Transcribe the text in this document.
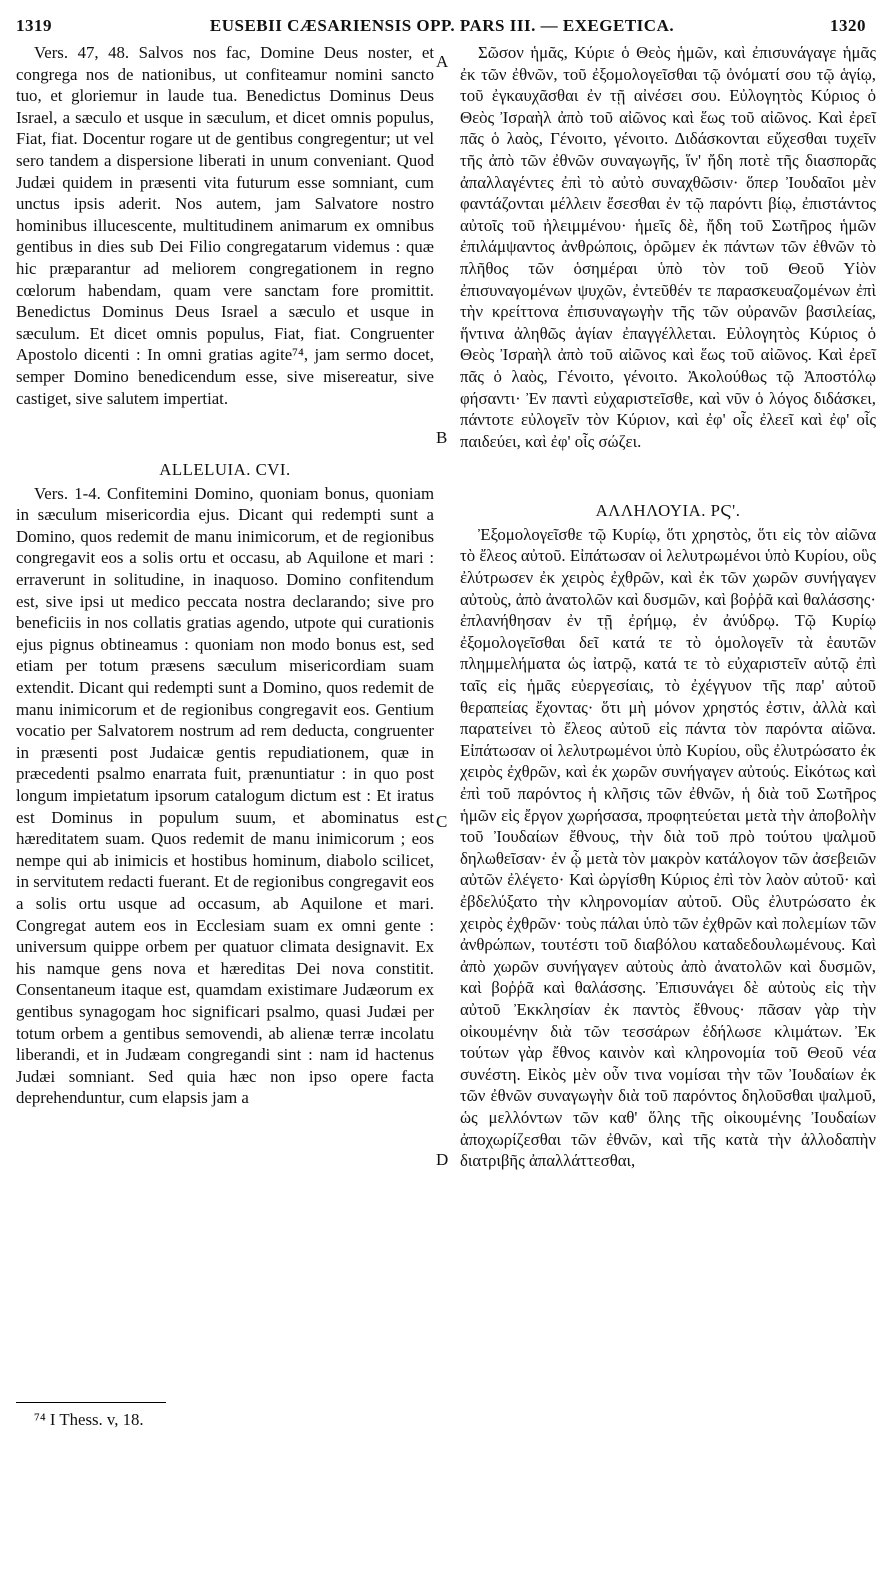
1319	EUSEBII CÆSARIENSIS OPP. PARS III. — EXEGETICA.	1320

Vers. 47, 48. Salvos nos fac, Domine Deus noster, et congrega nos de nationibus, ut confiteamur nomini sancto tuo, et gloriemur in laude tua. Benedictus Dominus Deus Israel, a sæculo et usque in sæculum, et dicet omnis populus, Fiat, fiat. Docentur rogare ut de gentibus congregentur; ut vel sero tandem a dispersione liberati in unum conveniant. Quod Judæi quidem in præsenti vita futurum esse somniant, cum unctus ipsis aderit. Nos autem, jam Salvatore nostro hominibus illucescente, multitudinem animarum ex omnibus gentibus in dies sub Dei Filio congregatarum videmus : quæ hic præparantur ad meliorem congregationem in regno cœlorum habendam, quam vere sanctam fore promittit. Benedictus Dominus Deus Israel a sæculo et usque in sæculum. Et dicet omnis populus, Fiat, fiat. Congruenter Apostolo dicenti : In omni gratias agite⁷⁴, jam sermo docet, semper Domino benedicendum esse, sive misereatur, sive castiget, sive salutem impertiat.

ALLELUIA. CVI.

Vers. 1-4. Confitemini Domino, quoniam bonus, quoniam in sæculum misericordia ejus. Dicant qui redempti sunt a Domino, quos redemit de manu inimicorum, et de regionibus congregavit eos a solis ortu et occasu, ab Aquilone et mari : erraverunt in solitudine, in inaquoso. Domino confitendum est, sive ipsi ut medico peccata nostra declarando; sive pro beneficiis in nos collatis gratias agendo, utpote qui curationis ejus pignus obtineamus : quoniam non modo bonus est, sed etiam per totum præsens sæculum misericordiam suam extendit. Dicant qui redempti sunt a Domino, quos redemit de manu inimicorum et de regionibus congregavit eos. Gentium vocatio per Salvatorem nostrum ad rem deducta, congruenter in præsenti post Judaicæ gentis repudiationem, quæ in præcedenti psalmo enarrata fuit, prænuntiatur : in quo post longum impietatum ipsorum catalogum dictum est : Et iratus est Dominus in populum suum, et abominatus est hæreditatem suam. Quos redemit de manu inimicorum ; eos nempe qui ab inimicis et hostibus hominum, diabolo scilicet, in servitutem redacti fuerant. Et de regionibus congregavit eos a solis ortu usque ad occasum, ab Aquilone et mari. Congregat autem eos in Ecclesiam suam ex omni gente : universum quippe orbem per quatuor climata designavit. Ex his namque gens nova et hæreditas Dei nova constitit. Consentaneum itaque est, quamdam existimare Judæorum ex gentibus synagogam hoc significari psalmo, quasi Judæi per totum orbem a gentibus semovendi, ab alienæ terræ incolatu liberandi, et in Judæam congregandi sint : nam id hactenus Judæi somniant. Sed quia hæc non ipso opere facta deprehenduntur, cum elapsis jam a

Σῶσον ἡμᾶς, Κύριε ὁ Θεὸς ἡμῶν, καὶ ἐπισυνάγαγε ἡμᾶς ἐκ τῶν ἐθνῶν, τοῦ ἐξομολογεῖσθαι τῷ ὀνόματί σου τῷ ἁγίῳ, τοῦ ἐγκαυχᾶσθαι ἐν τῇ αἰνέσει σου. Εὐλογητὸς Κύριος ὁ Θεὸς Ἰσραὴλ ἀπὸ τοῦ αἰῶνος καὶ ἕως τοῦ αἰῶνος. Καὶ ἐρεῖ πᾶς ὁ λαὸς, Γένοιτο, γένοιτο. Διδάσκονται εὔχεσθαι τυχεῖν τῆς ἀπὸ τῶν ἐθνῶν συναγωγῆς, ἵν' ἤδη ποτὲ τῆς διασπορᾶς ἀπαλλαγέντες ἐπὶ τὸ αὐτὸ συναχθῶσιν· ὅπερ Ἰουδαῖοι μὲν φαντάζονται μέλλειν ἔσεσθαι ἐν τῷ παρόντι βίῳ, ἐπιστάντος αὐτοῖς τοῦ ἠλειμμένου· ἡμεῖς δὲ, ἤδη τοῦ Σωτῆρος ἡμῶν ἐπιλάμψαντος ἀνθρώποις, ὁρῶμεν ἐκ πάντων τῶν ἐθνῶν τὸ πλῆθος τῶν ὁσημέραι ὑπὸ τὸν τοῦ Θεοῦ Υἱὸν ἐπισυναγομένων ψυχῶν, ἐντεῦθέν τε παρασκευαζομένων ἐπὶ τὴν κρείττονα ἐπισυναγωγὴν τῆς τῶν οὐρανῶν βασιλείας, ἥντινα ἀληθῶς ἁγίαν ἐπαγγέλλεται. Εὐλογητὸς Κύριος ὁ Θεὸς Ἰσραὴλ ἀπὸ τοῦ αἰῶνος καὶ ἕως τοῦ αἰῶνος. Καὶ ἐρεῖ πᾶς ὁ λαὸς, Γένοιτο, γένοιτο. Ἀκολούθως τῷ Ἀποστόλῳ φήσαντι· Ἐν παντὶ εὐχαριστεῖσθε, καὶ νῦν ὁ λόγος διδάσκει, πάντοτε εὐλογεῖν τὸν Κύριον, καὶ ἐφ' οἷς ἐλεεῖ καὶ ἐφ' οἷς παιδεύει, καὶ ἐφ' οἷς σώζει.

ΑΛΛΗΛΟΥΙΑ. ΡϚ'.

Ἐξομολογεῖσθε τῷ Κυρίῳ, ὅτι χρηστὸς, ὅτι εἰς τὸν αἰῶνα τὸ ἔλεος αὐτοῦ. Εἰπάτωσαν οἱ λελυτρωμένοι ὑπὸ Κυρίου, οὓς ἐλύτρωσεν ἐκ χειρὸς ἐχθρῶν, καὶ ἐκ τῶν χωρῶν συνήγαγεν αὐτοὺς, ἀπὸ ἀνατολῶν καὶ δυσμῶν, καὶ βοῤῥᾶ καὶ θαλάσσης· ἐπλανήθησαν ἐν τῇ ἐρήμῳ, ἐν ἀνύδρῳ. Τῷ Κυρίῳ ἐξομολογεῖσθαι δεῖ κατά τε τὸ ὁμολογεῖν τὰ ἑαυτῶν πλημμελήματα ὡς ἰατρῷ, κατά τε τὸ εὐχαριστεῖν αὐτῷ ἐπὶ ταῖς εἰς ἡμᾶς εὐεργεσίαις, τὸ ἐχέγγυον τῆς παρ' αὐτοῦ θεραπείας ἔχοντας· ὅτι μὴ μόνον χρηστός ἐστιν, ἀλλὰ καὶ παρατείνει τὸ ἔλεος αὐτοῦ εἰς πάντα τὸν παρόντα αἰῶνα. Εἰπάτωσαν οἱ λελυτρωμένοι ὑπὸ Κυρίου, οὓς ἐλυτρώσατο ἐκ χειρὸς ἐχθρῶν, καὶ ἐκ χωρῶν συνήγαγεν αὐτούς. Εἰκότως καὶ ἐπὶ τοῦ παρόντος ἡ κλῆσις τῶν ἐθνῶν, ἡ διὰ τοῦ Σωτῆρος ἡμῶν εἰς ἔργον χωρήσασα, προφητεύεται μετὰ τὴν ἀποβολὴν τοῦ Ἰουδαίων ἔθνους, τὴν διὰ τοῦ πρὸ τούτου ψαλμοῦ δηλωθεῖσαν· ἐν ᾧ μετὰ τὸν μακρὸν κατάλογον τῶν ἀσεβειῶν αὐτῶν ἐλέγετο· Καὶ ὠργίσθη Κύριος ἐπὶ τὸν λαὸν αὐτοῦ· καὶ ἐβδελύξατο τὴν κληρονομίαν αὐτοῦ. Οὓς ἐλυτρώσατο ἐκ χειρὸς ἐχθρῶν· τοὺς πάλαι ὑπὸ τῶν ἐχθρῶν καὶ πολεμίων τῶν ἀνθρώπων, τουτέστι τοῦ διαβόλου καταδεδουλωμένους. Καὶ ἀπὸ χωρῶν συνήγαγεν αὐτοὺς ἀπὸ ἀνατολῶν καὶ δυσμῶν, καὶ βοῤῥᾶ καὶ θαλάσσης. Ἐπισυνάγει δὲ αὐτοὺς εἰς τὴν αὐτοῦ Ἐκκλησίαν ἐκ παντὸς ἔθνους· πᾶσαν γὰρ τὴν οἰκουμένην διὰ τῶν τεσσάρων ἐδήλωσε κλιμάτων. Ἐκ τούτων γὰρ ἔθνος καινὸν καὶ κληρονομία τοῦ Θεοῦ νέα συνέστη. Εἰκὸς μὲν οὖν τινα νομίσαι τὴν τῶν Ἰουδαίων ἐκ τῶν ἐθνῶν συναγωγὴν διὰ τοῦ παρόντος δηλοῦσθαι ψαλμοῦ, ὡς μελλόντων τῶν καθ' ὅλης τῆς οἰκουμένης Ἰουδαίων ἀποχωρίζεσθαι τῶν ἐθνῶν, καὶ τῆς κατὰ τὴν ἀλλοδαπὴν διατριβῆς ἀπαλλάττεσθαι,

A
B
C
D
⁷⁴ I Thess. v, 18.
